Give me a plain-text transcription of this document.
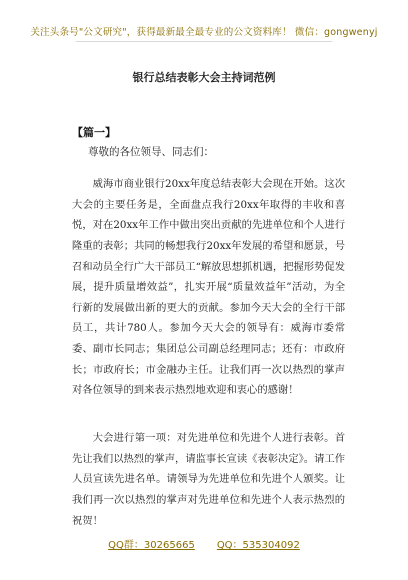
关注头条号"公文研究"，获得最新最全最专业的公文资料库！ 微信：gongwenyj
银行总结表彰大会主持词范例
【篇一】
尊敬的各位领导、同志们：

威海市商业银行20xx年度总结表彰大会现在开始。这次大会的主要任务是，全面盘点我行20xx年取得的丰收和喜悦，对在20xx年工作中做出突出贡献的先进单位和个人进行隆重的表彰；共同的畅想我行20xx年发展的希望和愿景，号召和动员全行广大干部员工“解放思想抓机遇，把握形势促发展，提升质量增效益”，扎实开展“质量效益年”活动，为全行新的发展做出新的更大的贡献。参加今天大会的全行干部员工，共计780人。参加今天大会的领导有：威海市委常委、副市长同志；集团总公司副总经理同志；还有：市政府长；市政府长；市金融办主任。让我们再一次以热烈的掌声对各位领导的到来表示热烈地欢迎和衷心的感谢！

大会进行第一项：对先进单位和先进个人进行表彰。首先让我们以热烈的掌声，请监事长宣读《表彰决定》。请工作人员宣读先进名单。请领导为先进单位和先进个人颁奖。让我们再一次以热烈的掌声对先进单位和先进个人表示热烈的祝贺！

QQ群：30265665 QQ：535304092
